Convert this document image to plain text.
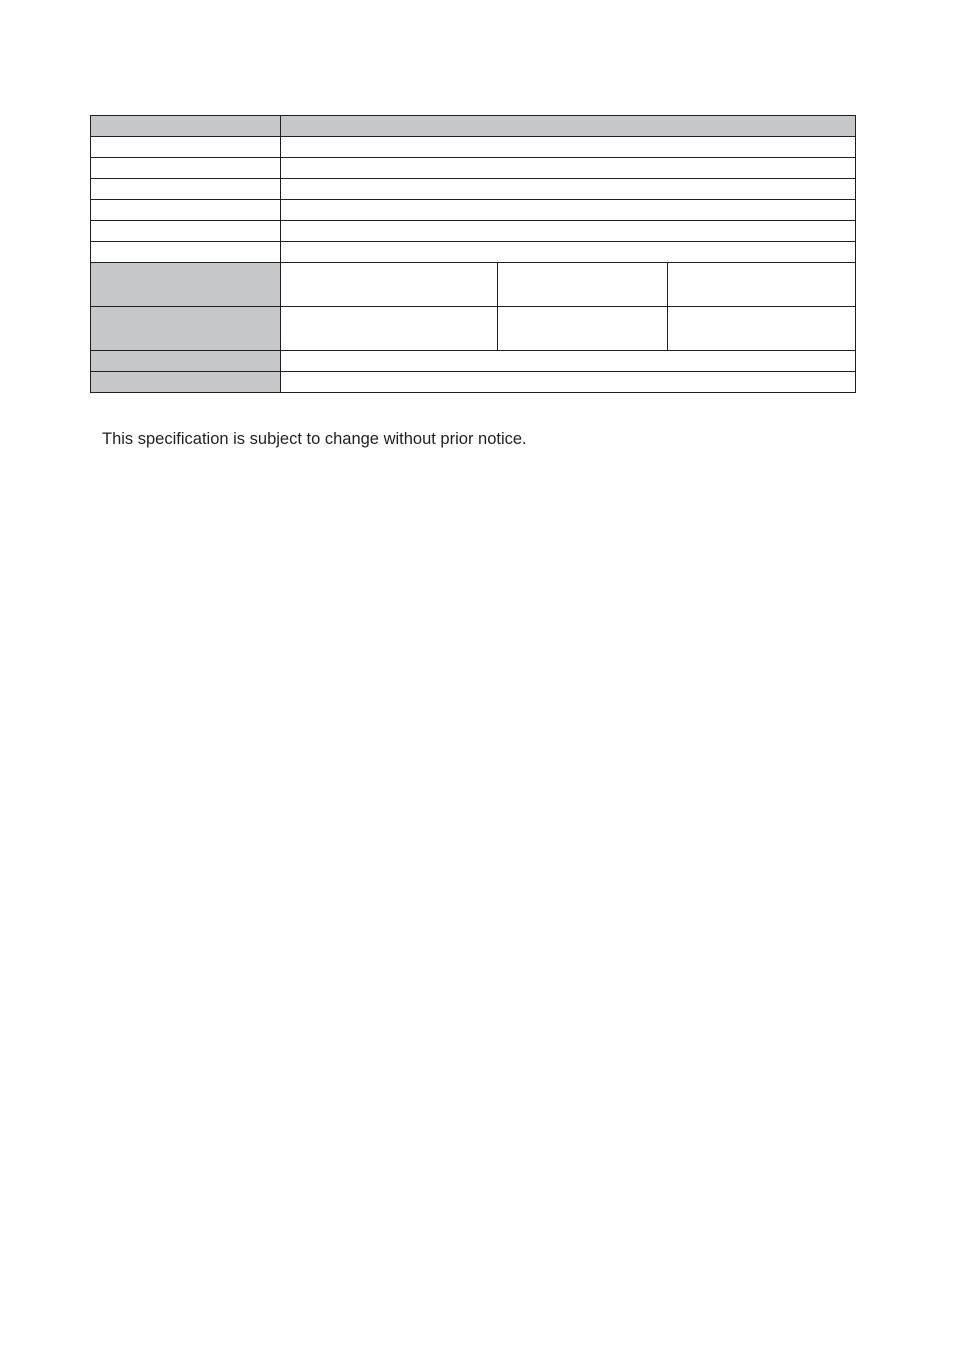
This specification is subject to change without prior notice.
